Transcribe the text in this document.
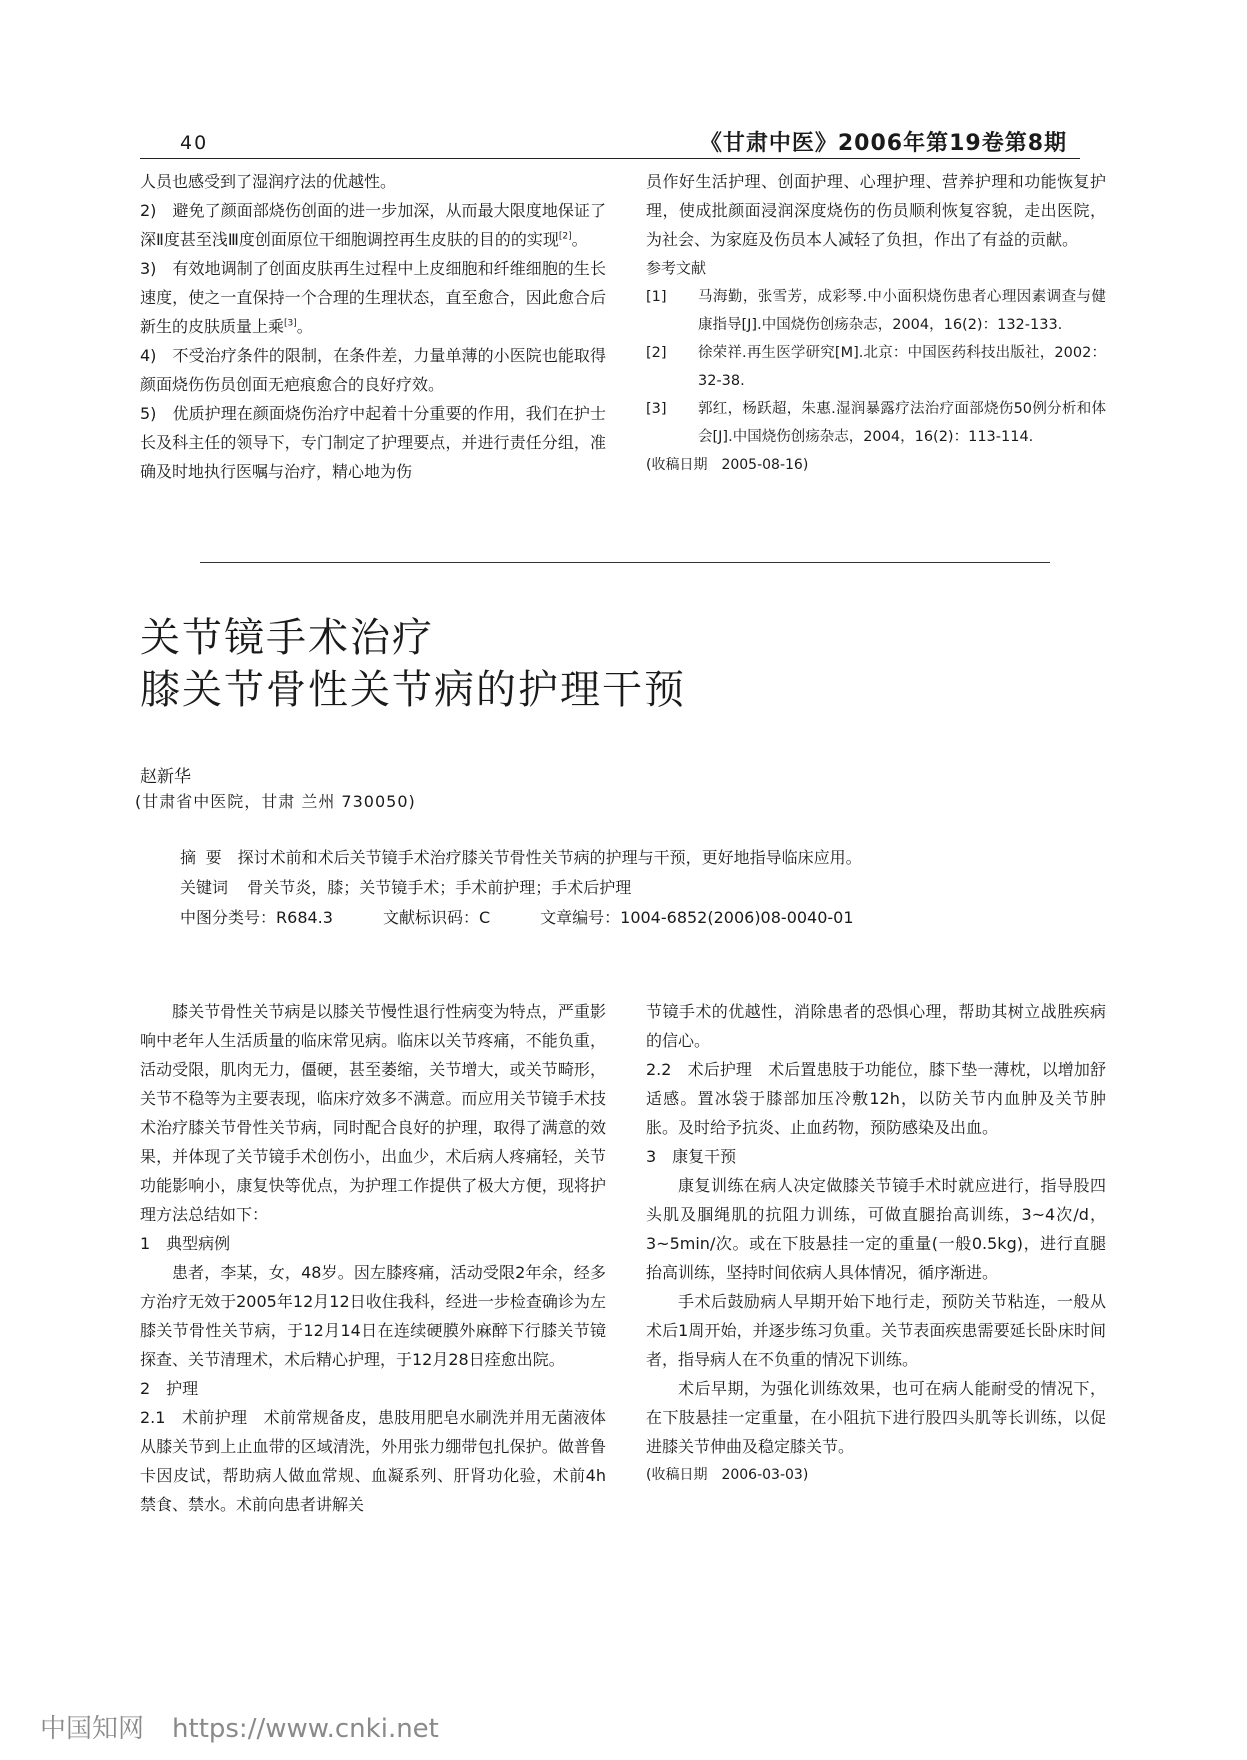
40	《甘肃中医》2006年第19卷第8期

人员也感受到了湿润疗法的优越性。

2)　避免了颜面部烧伤创面的进一步加深，从而最大限度地保证了深Ⅱ度甚至浅Ⅲ度创面原位干细胞调控再生皮肤的目的的实现[2]。

3)　有效地调制了创面皮肤再生过程中上皮细胞和纤维细胞的生长速度，使之一直保持一个合理的生理状态，直至愈合，因此愈合后新生的皮肤质量上乘[3]。

4)　不受治疗条件的限制，在条件差，力量单薄的小医院也能取得颜面烧伤伤员创面无疤痕愈合的良好疗效。

5)　优质护理在颜面烧伤治疗中起着十分重要的作用，我们在护士长及科主任的领导下，专门制定了护理要点，并进行责任分组，准确及时地执行医嘱与治疗，精心地为伤

员作好生活护理、创面护理、心理护理、营养护理和功能恢复护理，使成批颜面浸润深度烧伤的伤员顺利恢复容貌，走出医院，为社会、为家庭及伤员本人减轻了负担，作出了有益的贡献。

参考文献

[1]	马海勤，张雪芳，成彩琴.中小面积烧伤患者心理因素调查与健康指导[J].中国烧伤创疡杂志，2004，16(2)：132-133.
[2]	徐荣祥.再生医学研究[M].北京：中国医药科技出版社，2002：32-38.
[3]	郭红，杨跃超，朱惠.湿润暴露疗法治疗面部烧伤50例分析和体会[J].中国烧伤创疡杂志，2004，16(2)：113-114.

(收稿日期　2005-08-16)

关节镜手术治疗
膝关节骨性关节病的护理干预
赵新华
(甘肃省中医院，甘肃 兰州 730050)

摘要 探讨术前和术后关节镜手术治疗膝关节骨性关节病的护理与干预，更好地指导临床应用。

关键词 骨关节炎，膝；关节镜手术；手术前护理；手术后护理

中图分类号：R684.3	文献标识码：C	文章编号：1004-6852(2006)08-0040-01

膝关节骨性关节病是以膝关节慢性退行性病变为特点，严重影响中老年人生活质量的临床常见病。临床以关节疼痛，不能负重，活动受限，肌肉无力，僵硬，甚至萎缩，关节增大，或关节畸形，关节不稳等为主要表现，临床疗效多不满意。而应用关节镜手术技术治疗膝关节骨性关节病，同时配合良好的护理，取得了满意的效果，并体现了关节镜手术创伤小，出血少，术后病人疼痛轻，关节功能影响小，康复快等优点，为护理工作提供了极大方便，现将护理方法总结如下：

1　典型病例

患者，李某，女，48岁。因左膝疼痛，活动受限2年余，经多方治疗无效于2005年12月12日收住我科，经进一步检查确诊为左膝关节骨性关节病，于12月14日在连续硬膜外麻醉下行膝关节镜探查、关节清理术，术后精心护理，于12月28日痊愈出院。

2　护理

2.1　术前护理　术前常规备皮，患肢用肥皂水刷洗并用无菌液体从膝关节到上止血带的区域清洗，外用张力绷带包扎保护。做普鲁卡因皮试，帮助病人做血常规、血凝系列、肝肾功化验，术前4h禁食、禁水。术前向患者讲解关

节镜手术的优越性，消除患者的恐惧心理，帮助其树立战胜疾病的信心。

2.2　术后护理　术后置患肢于功能位，膝下垫一薄枕，以增加舒适感。置冰袋于膝部加压冷敷12h，以防关节内血肿及关节肿胀。及时给予抗炎、止血药物，预防感染及出血。

3　康复干预

康复训练在病人决定做膝关节镜手术时就应进行，指导股四头肌及腘绳肌的抗阻力训练，可做直腿抬高训练，3~4次/d，3~5min/次。或在下肢悬挂一定的重量(一般0.5kg)，进行直腿抬高训练，坚持时间依病人具体情况，循序渐进。

手术后鼓励病人早期开始下地行走，预防关节粘连，一般从术后1周开始，并逐步练习负重。关节表面疾患需要延长卧床时间者，指导病人在不负重的情况下训练。

术后早期，为强化训练效果，也可在病人能耐受的情况下，在下肢悬挂一定重量，在小阻抗下进行股四头肌等长训练，以促进膝关节伸曲及稳定膝关节。

(收稿日期　2006-03-03)

中国知网 https://www.cnki.net
